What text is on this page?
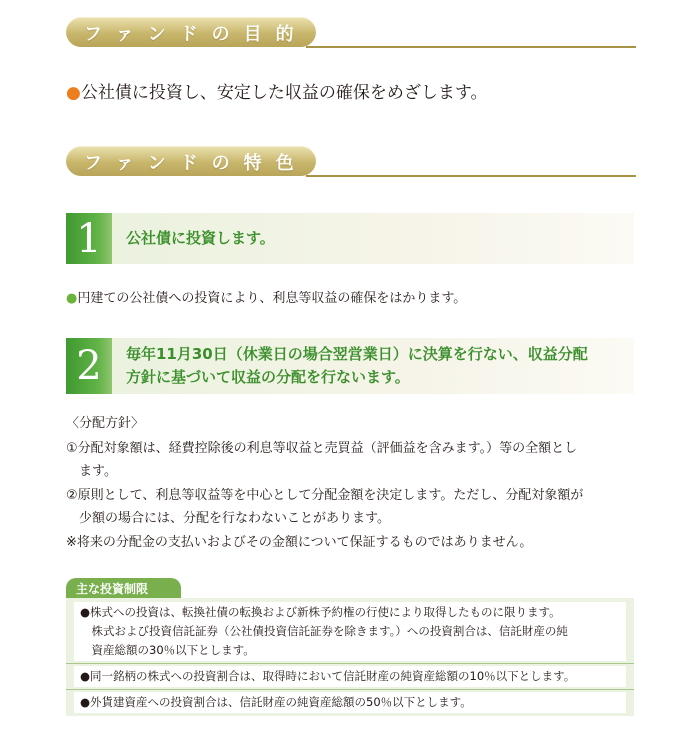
ファンドの目的
●公社債に投資し、安定した収益の確保をめざします。
ファンドの特色
1	公社債に投資します。
●円建ての公社債への投資により、利息等収益の確保をはかります。
2	毎年11月30日（休業日の場合翌営業日）に決算を行ない、収益分配
方針に基づいて収益の分配を行ないます。
〈分配方針〉
①分配対象額は、経費控除後の利息等収益と売買益（評価益を含みます。）等の全額とし
　ます。
②原則として、利息等収益等を中心として分配金額を決定します。ただし、分配対象額が
　少額の場合には、分配を行なわないことがあります。
※将来の分配金の支払いおよびその金額について保証するものではありません。
主な投資制限
●株式への投資は、転換社債の転換および新株予約権の行使により取得したものに限ります。
　株式および投資信託証券（公社債投資信託証券を除きます。）への投資割合は、信託財産の純
　資産総額の30％以下とします。
●同一銘柄の株式への投資割合は、取得時において信託財産の純資産総額の10％以下とします。
●外貨建資産への投資割合は、信託財産の純資産総額の50％以下とします。
